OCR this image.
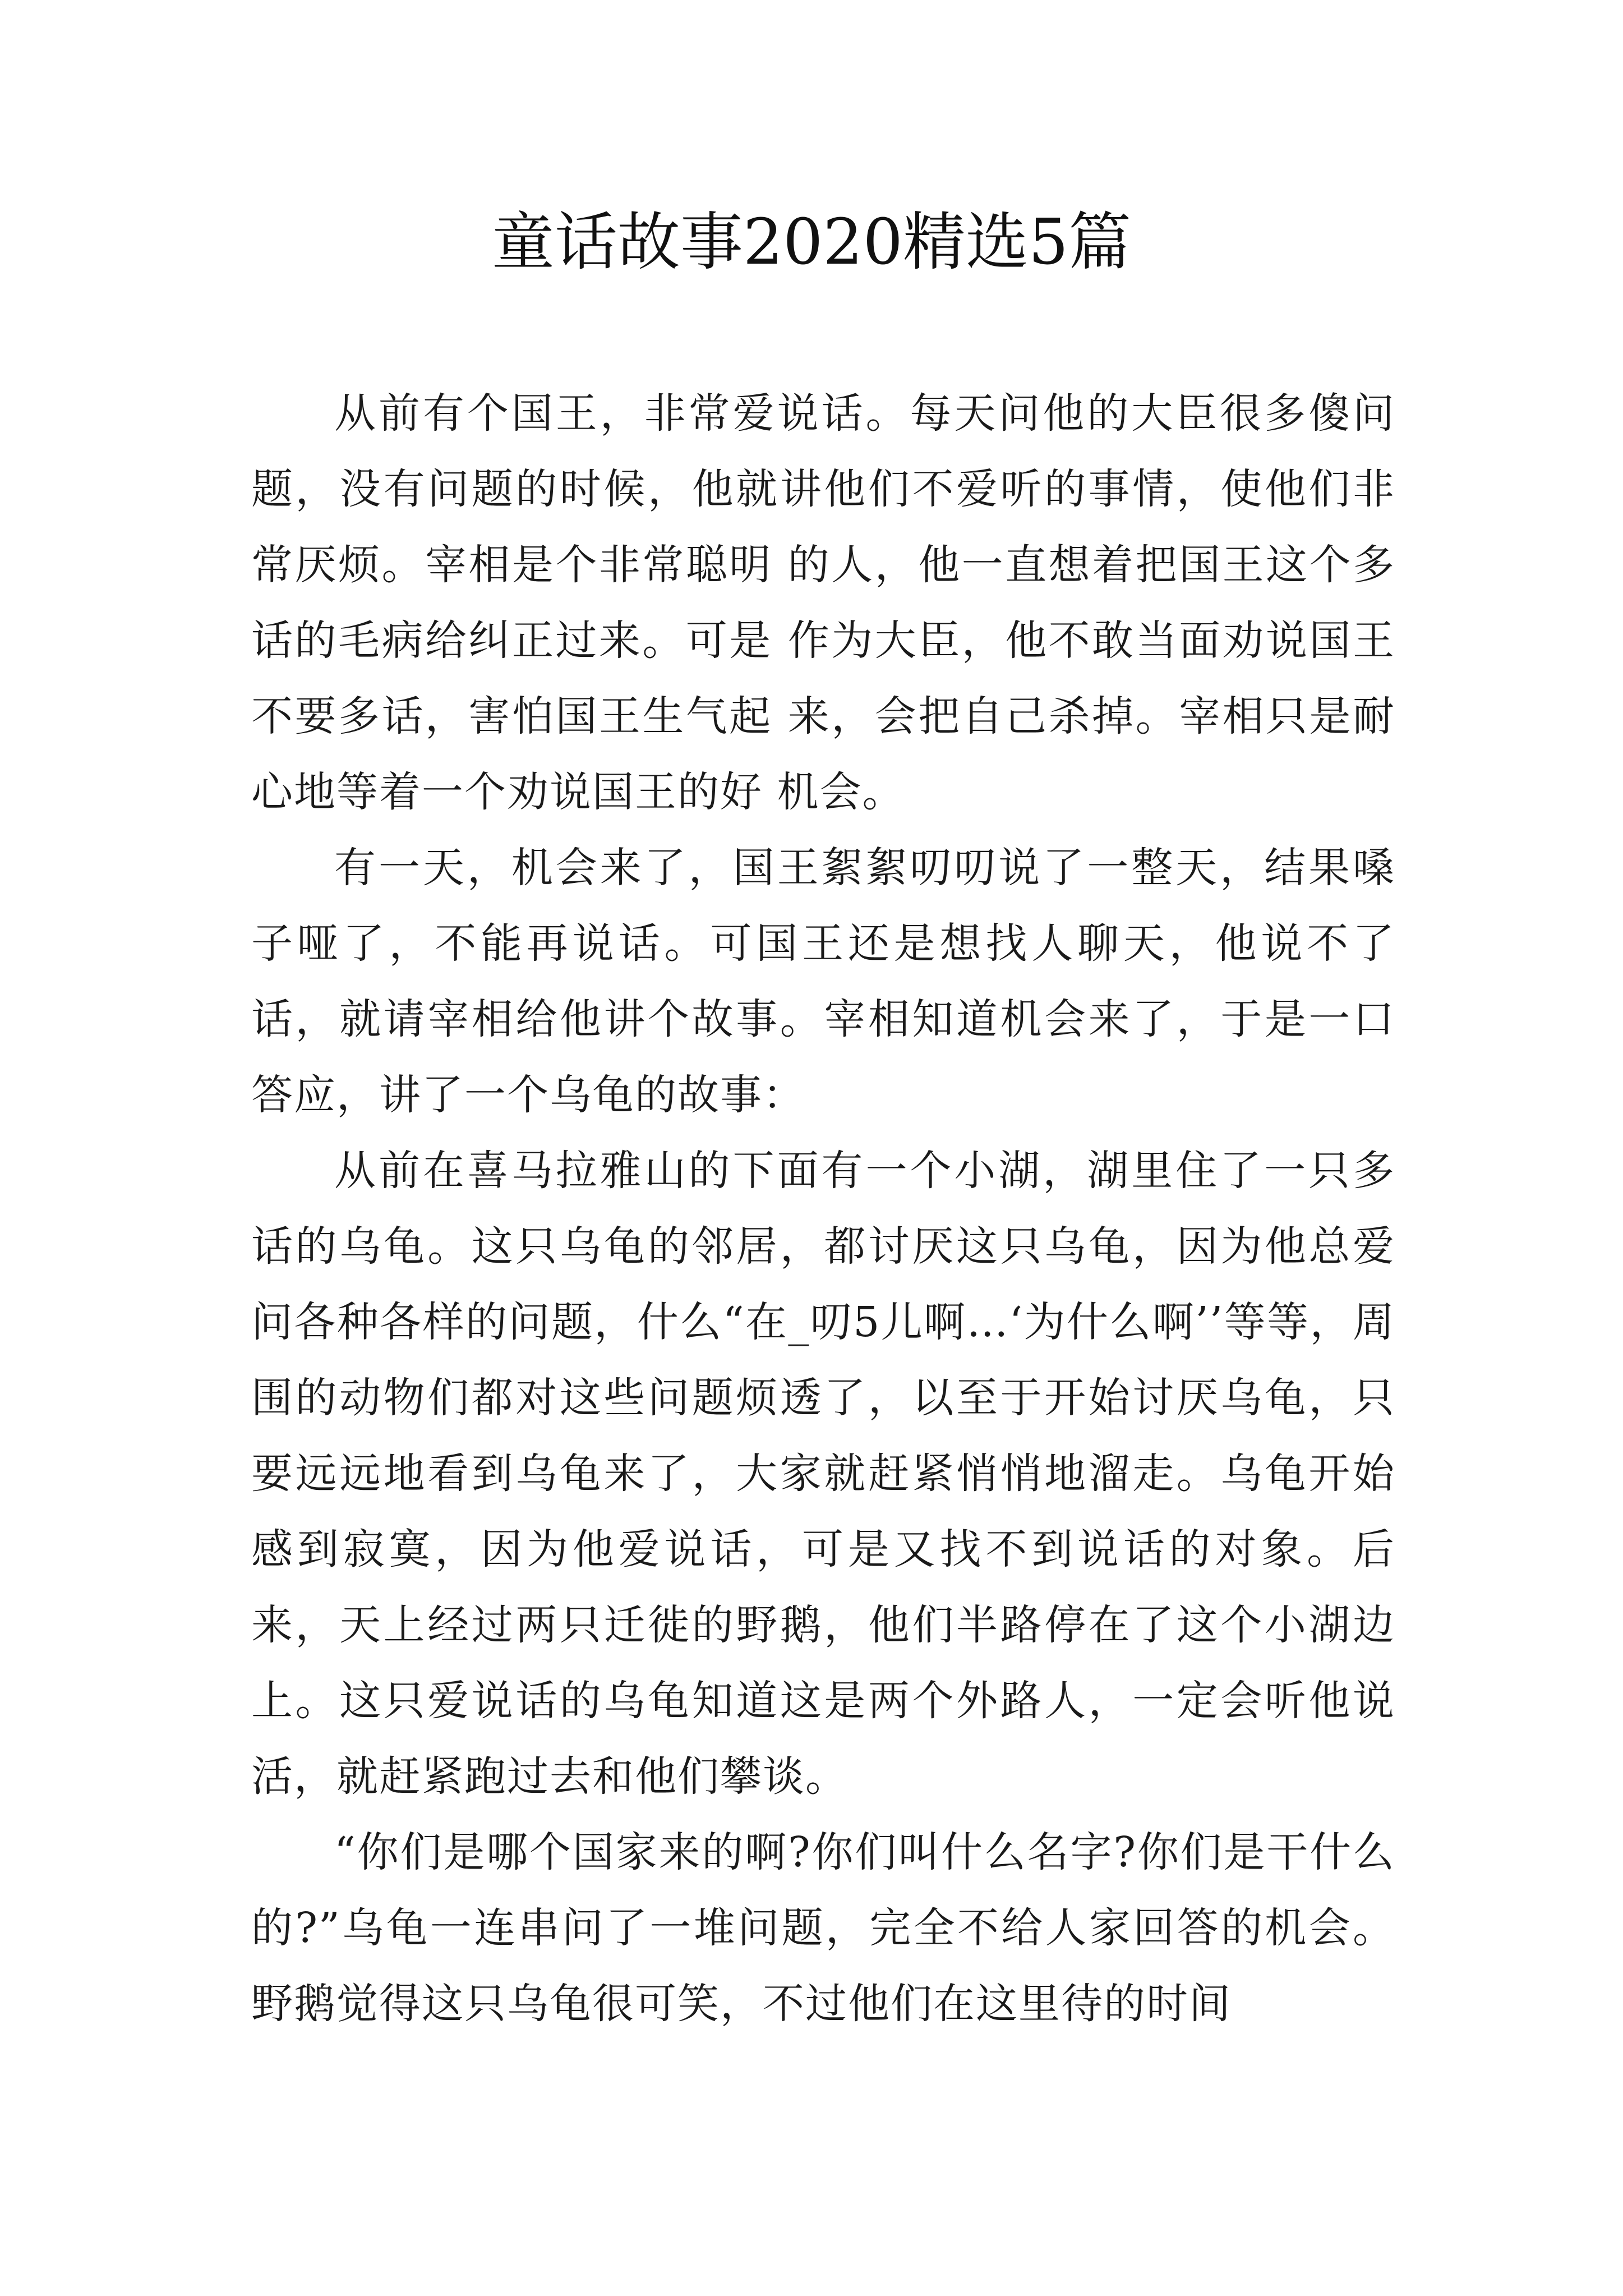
童话故事2020精选5篇

从前有个国王，非常爱说话。每天问他的大臣很多傻问题，没有问题的时候，他就讲他们不爱听的事情，使他们非常厌烦。宰相是个非常聪明 的人，他一直想着把国王这个多话的毛病给纠正过来。可是 作为大臣，他不敢当面劝说国王不要多话，害怕国王生气起 来，会把自己杀掉。宰相只是耐心地等着一个劝说国王的好 机会。

有一天，机会来了，国王絮絮叨叨说了一整天，结果嗓子哑了，不能再说话。可国王还是想找人聊天，他说不了话，就请宰相给他讲个故事。宰相知道机会来了，于是一口答应，讲了一个乌龟的故事：

从前在喜马拉雅山的下面有一个小湖，湖里住了一只多话的乌龟。这只乌龟的邻居，都讨厌这只乌龟，因为他总爱问各种各样的问题，什么“在_叨5儿啊…‘为什么啊’’等等，周 围的动物们都对这些问题烦透了，以至于开始讨厌乌龟，只 要远远地看到乌龟来了，大家就赶紧悄悄地溜走。乌龟开始感到寂寞，因为他爱说话，可是又找不到说话的对象。后来，天上经过两只迁徙的野鹅，他们半路停在了这个小湖边上。这只爱说话的乌龟知道这是两个外路人，一定会听他说活，就赶紧跑过去和他们攀谈。

“你们是哪个国家来的啊?你们叫什么名字?你们是干什么的?”乌龟一连串问了一堆问题，完全不给人家回答的机会。野鹅觉得这只乌龟很可笑，不过他们在这里待的时间
